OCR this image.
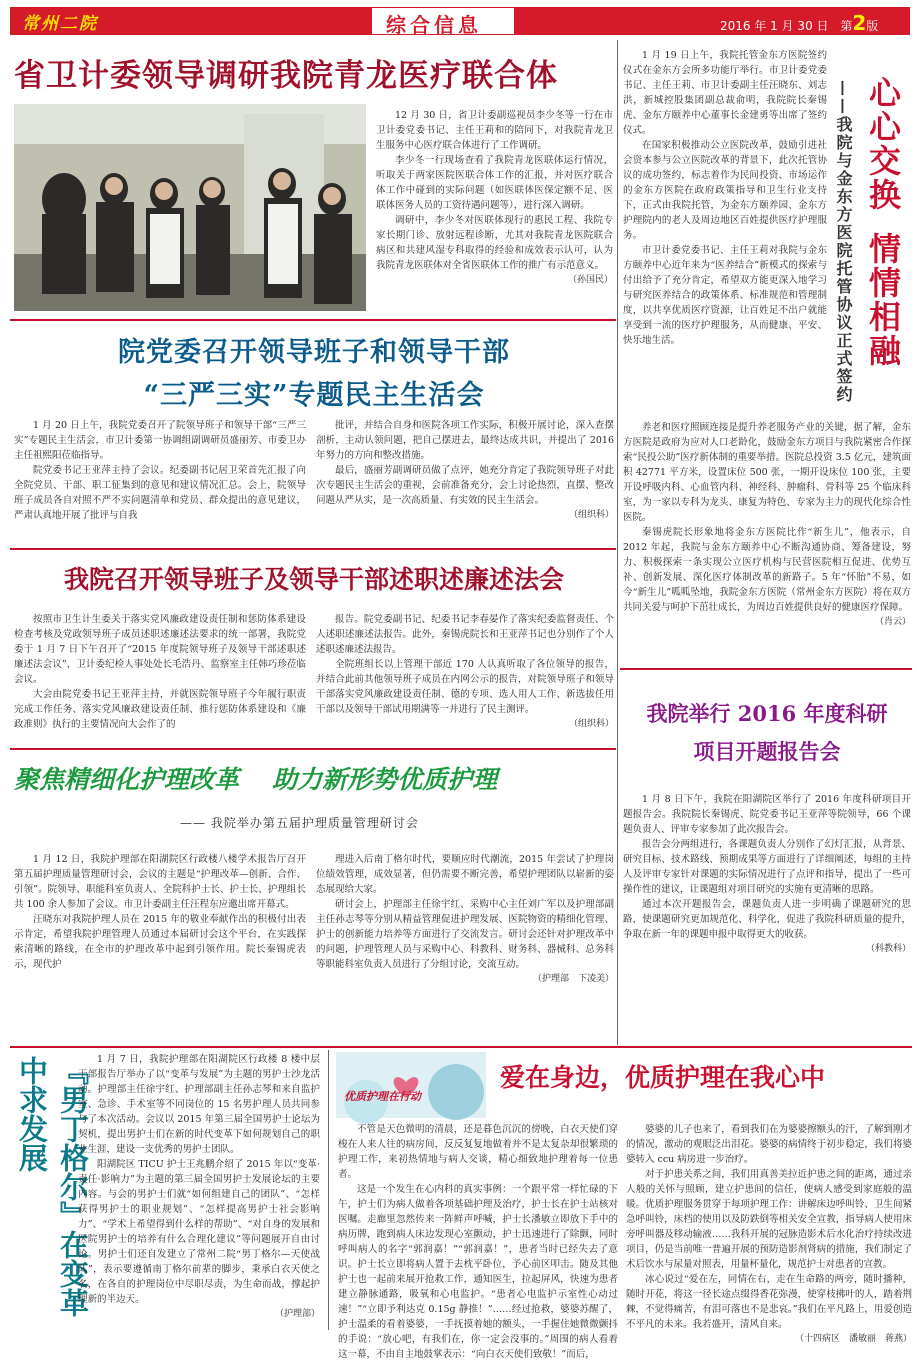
常州二院	综合信息	2016 年 1 月 30 日 第2版
省卫计委领导调研我院青龙医疗联合体

12 月 30 日，省卫计委副巡视员李少冬等一行在市卫计委党委书记、主任王莉和的陪同下，对我院青龙卫生服务中心医疗联合体进行了工作调研。

李少冬一行现场查看了我院青龙医联体运行情况，听取关于两家医院医联合体工作的汇报，并对医疗联合体工作中碰到的实际问题（如医联体医保定额不足、医联体医务人员的工资待遇问题等），进行深入调研。

调研中，李少冬对医联体现行的惠民工程、我院专家长期门诊、放射远程诊断，尤其对我院青龙医院联合病区和共建风湿专科取得的经验和成效表示认可，认为我院青龙医联体对全省医联体工作的推广有示范意义。

（孙国民）
院党委召开领导班子和领导干部
“三严三实”专题民主生活会

1 月 20 日上午，我院党委召开了院领导班子和领导干部“三严三实”专题民主生活会，市卫计委第一协调组副调研员盛丽芳、市委卫办主任祖熙阳莅临指导。

院党委书记王亚萍主持了会议。纪委副书记居卫荣首先汇报了向全院党员、干部、职工征集到的意见和建议情况汇总。会上，院领导班子成员各自对照不严不实问题清单和党员、群众提出的意见建议，严肃认真地开展了批评与自我

批评，并结合自身和医院各项工作实际，积极开展讨论，深入查摆剖析，主动认领问题，把自己摆进去，最终达成共识，并提出了 2016 年努力的方向和整改措施。

最后，盛丽芳副调研员做了点评，她充分肯定了我院领导班子对此次专题民主生活会的重视，会前准备充分，会上讨论热烈，直摆、整改问题从严从实，是一次高质量、有实效的民主生活会。

（组织科）
我院召开领导班子及领导干部述职述廉述法会

按照市卫生计生委关于落实党风廉政建设责任制和惩防体系建设检查考核及党政领导班子成员述职述廉述法要求的统一部署，我院党委于 1 月 7 日下午召开了“2015 年度院领导班子及领导干部述职述廉述法会议”，卫计委纪检人事处处长毛浩丹、监察室主任韩巧珍莅临会议。

大会由院党委书记王亚萍主持，并就医院领导班子今年履行职责完成工作任务、落实党风廉政建设责任制、推行惩防体系建设和《廉政准则》执行的主要情况向大会作了的

报告。院党委副书记、纪委书记李春晏作了落实纪委监督责任、个人述职述廉述法报告。此外，秦锡虎院长和王亚萍书记也分别作了个人述职述廉述法报告。

全院班组长以上管理干部近 170 人认真听取了各位领导的报告，并结合此前其他领导班子成员在内网公示的报告，对院领导班子和领导干部落实党风廉政建设责任制、德的专项、选人用人工作、新选拔任用干部以及领导干部试用期满等一并进行了民主测评。

（组织科）
聚焦精细化护理改革 助力新形势优质护理
—— 我院举办第五届护理质量管理研讨会

1 月 12 日，我院护理部在阳湖院区行政楼八楼学术报告厅召开第五届护理质量管理研讨会，会议的主题是“护理改革—创新、合作、引领”。院领导、职能科室负责人、全院科护士长、护士长、护理组长共 100 余人参加了会议。市卫计委副主任汪程东应邀出席开幕式。

汪晓东对我院护理人员在 2015 年的敬业奉献作出的积极付出表示肯定，希望我院护理管理人员通过本届研讨会这个平台，在实践探索清晰的路线，在全市的护理改革中起到引领作用。院长秦锡虎表示，现代护

理进入后南丁格尔时代，要顺应时代潮流，2015 年尝试了护理岗位绩效管理，成效显著，但仍需要不断完善，希望护理团队以崭新的姿态展现给大家。

研讨会上，护理部主任徐宇红、采购中心主任刘广军以及护理部副主任孙志琴等分别从精益管理促进护理发展、医院物资的精细化管理、护士的创新能力培养等方面进行了交流发言。研讨会还针对护理改革中的问题，护理管理人员与采购中心、科教科、财务科、器械科、总务科等职能科室负责人员进行了分组讨论，交流互动。

（护理部　下凌美）

1 月 19 日上午，我院托管金东方医院签约仪式在金东方会所多功能厅举行。市卫计委党委书记、主任王莉、市卫计委副主任汪晓东、刘志洪，新城控股集团副总裁俞明，我院院长秦锡虎、金东方颐养中心董事长金建勇等出席了签约仪式。

在国家积极推动公立医院改革，鼓励引进社会资本参与公立医院改革的背景下，此次托管协议的成功签约，标志着作为民间投资、市场运作的金东方医院在政府政策指导和卫生行业支持下，正式由我院托管，为金东方颐养园、金东方护理院内的老人及周边地区百姓提供医疗护理服务。

市卫计委党委书记、主任王莉对我院与金东方颐养中心近年来为“医养结合”新模式的探索与付出给予了充分肯定，希望双方能更深入地学习与研究医养结合的政策体系、标准规范和管理制度，以共享优质医疗资源，让百姓足不出户就能享受到一流的医疗护理服务，从而健康、平安、快乐地生活。

心心交换
情情相融
——我院与金东方医院托管协议正式签约

养老和医疗照顾连接是提升养老服务产业的关键，据了解，金东方医院是政府为应对人口老龄化，鼓励金东方项目与我院紧密合作探索“民投公助”医疗新体制的重要举措。医院总投资 3.5 亿元，建筑面积 42771 平方米，设置床位 500 张，一期开设床位 100 张，主要开设呼吸内科、心血管内科、神经科、肿瘤科、骨科等 25 个临床科室，为一家以专科为龙头、康复为特色、专家为主力的现代化综合性医院。

秦锡虎院长形象地将金东方医院比作“新生儿”，他表示，自 2012 年起，我院与金东方颐养中心不断沟通协商、筹备建设，努力、积极探索一条实现公立医疗机构与民营医院相互促进、优势互补、创新发展、深化医疗体制改革的新路子。5 年“怀胎”不易，如今“新生儿”呱呱坠地，我院金东方医院（常州金东方医院）将在双方共同关爱与呵护下茁壮成长，为周边百姓提供良好的健康医疗保障。

（肖云）
我院举行 2016 年度科研
项目开题报告会

1 月 8 日下午，我院在阳湖院区举行了 2016 年度科研项目开题报告会。我院院长秦锡虎、院党委书记王亚萍等院领导，66 个课题负责人、评审专家参加了此次报告会。

报告会分两组进行，各课题负责人分别作了幻灯汇报，从背景、研究目标、技术路线、预期成果等方面进行了详细阐述，每组的主持人及评审专家针对课题的实际情况进行了点评和指导，提出了一些可操作性的建议，让课题组对项目研究的实施有更清晰的思路。

通过本次开题报告会，课题负责人进一步明确了课题研究的思路，使课题研究更加规范化、科学化，促进了我院科研质量的提升，争取在新一年的课题申报中取得更大的收获。

（科教科）
『男丁格尔』在变革中求发展	1 月 7 日，我院护理部在阳湖院区行政楼 8 楼中层干部报告厅举办了以“变革与发展”为主题的男护士沙龙活动。护理部主任徐宇红、护理部副主任孙志琴和来自监护室、急诊、手术室等不同岗位的 15 名男护理人员共同参与了本次活动。会议以 2015 年第三届全国男护士论坛为契机，提出男护士们在新的时代变革下如何规划自己的职业生涯，建设一支优秀的男护士团队。

阳湖院区 TICU 护士王兆鹏介绍了 2015 年以“变革·责任·影响力”为主题的第三届全国男护士发展论坛的主要内容。与会的男护士们就“如何组建自己的团队”、“怎样获得男护士的职业规划”、“怎样提高男护士社会影响力”、“学术上希望得到什么样的帮助”、“对自身的发展和医院男护士的培养有什么合理化建议”等问题展开自由讨论。男护士们还自发建立了常州二院“男丁格尔—天使战队”，表示要遵循南丁格尔前辈的脚步，秉承白衣天使之名，在各自的护理岗位中尽职尽责，为生命而战，撑起护理新的半边天。

（护理部）
优质护理在行动
爱在身边，优质护理在我心中

不管是天色微明的清晨，还是暮色沉沉的傍晚，白衣天使们穿梭在人来人往的病房间，反反复复地做着并不是太复杂却很繁琐的护理工作，来初热情地与病人交谈，精心细致地护理着每一位患者。

这是一个发生在心内科的真实事例：一个跟平常一样忙碌的下午，护士们为病人做着各项基础护理及治疗，护士长在护士站核对医嘱。走廊里忽然传来一阵鲜声呼喊，护士长潘敏立即放下手中的病历牌，跑到病人床边发现心室颤动，护士迅速进行了除颤，同时呼叫病人的名字“郭润嘉！”“郭润嘉！”，患者当时已经失去了意识。护士长立即将病人置于去枕平卧位，予心前区叩击。随及其他护士也一起前来展开抢救工作，通知医生，拉起屏风，快速为患者建立静脉通路，吸氧和心电监护。“患者心电监护示室性心动过速！”“立即予利达克 0.15g 静推！”……经过抢救，婆婆苏醒了，护士温柔的看着婆婆，一手抚摸着她的额头，一手握住她微微颤抖的手说：“放心吧，有我们在，你一定会没事的。”周围的病人看着这一幕，不由自主地鼓掌表示：“向白衣天使们致敬！”而后，

婆婆的儿子也来了，看到我们在为婆婆擦额头的汗，了解到刚才的情况，激动的观眼泛出泪花。婆婆的病情终于初步稳定，我们将婆婆转入 ccu 病房进一步治疗。

对于护患关系之间，我们用真善美拉近护患之间的距离，通过亲人般的关怀与照顾，建立护患间的信任，使病人感受到家庭般的温暖。优质护理服务贯穿于每项护理工作：讲解床边呼叫铃、卫生间紧急呼叫铃，床档的使用以及防跌倒等相关安全宣教，指导病人使用床旁呼叫器及移动输液……我科开展的冠脉造影术后水化治疗持续改进项目，仍是当前唯一普遍开展的预防造影剂肾病的措施，我们制定了术后饮水与尿量对照表，用量杯量化，规范护士对患者的宣教。

冰心说过“爱在左，同情在右，走在生命路的两旁，随时播种，随时开花，将这一径长途点缀得香花弥漫，使穿枝拂叶的人，踏着荆棘，不觉得痛苦，有泪可落也不是悲哀。”我们在平凡路上，用爱创造不平凡的未来。我若盛开，清风自来。

（十四病区　潘敏丽　蒋燕）
